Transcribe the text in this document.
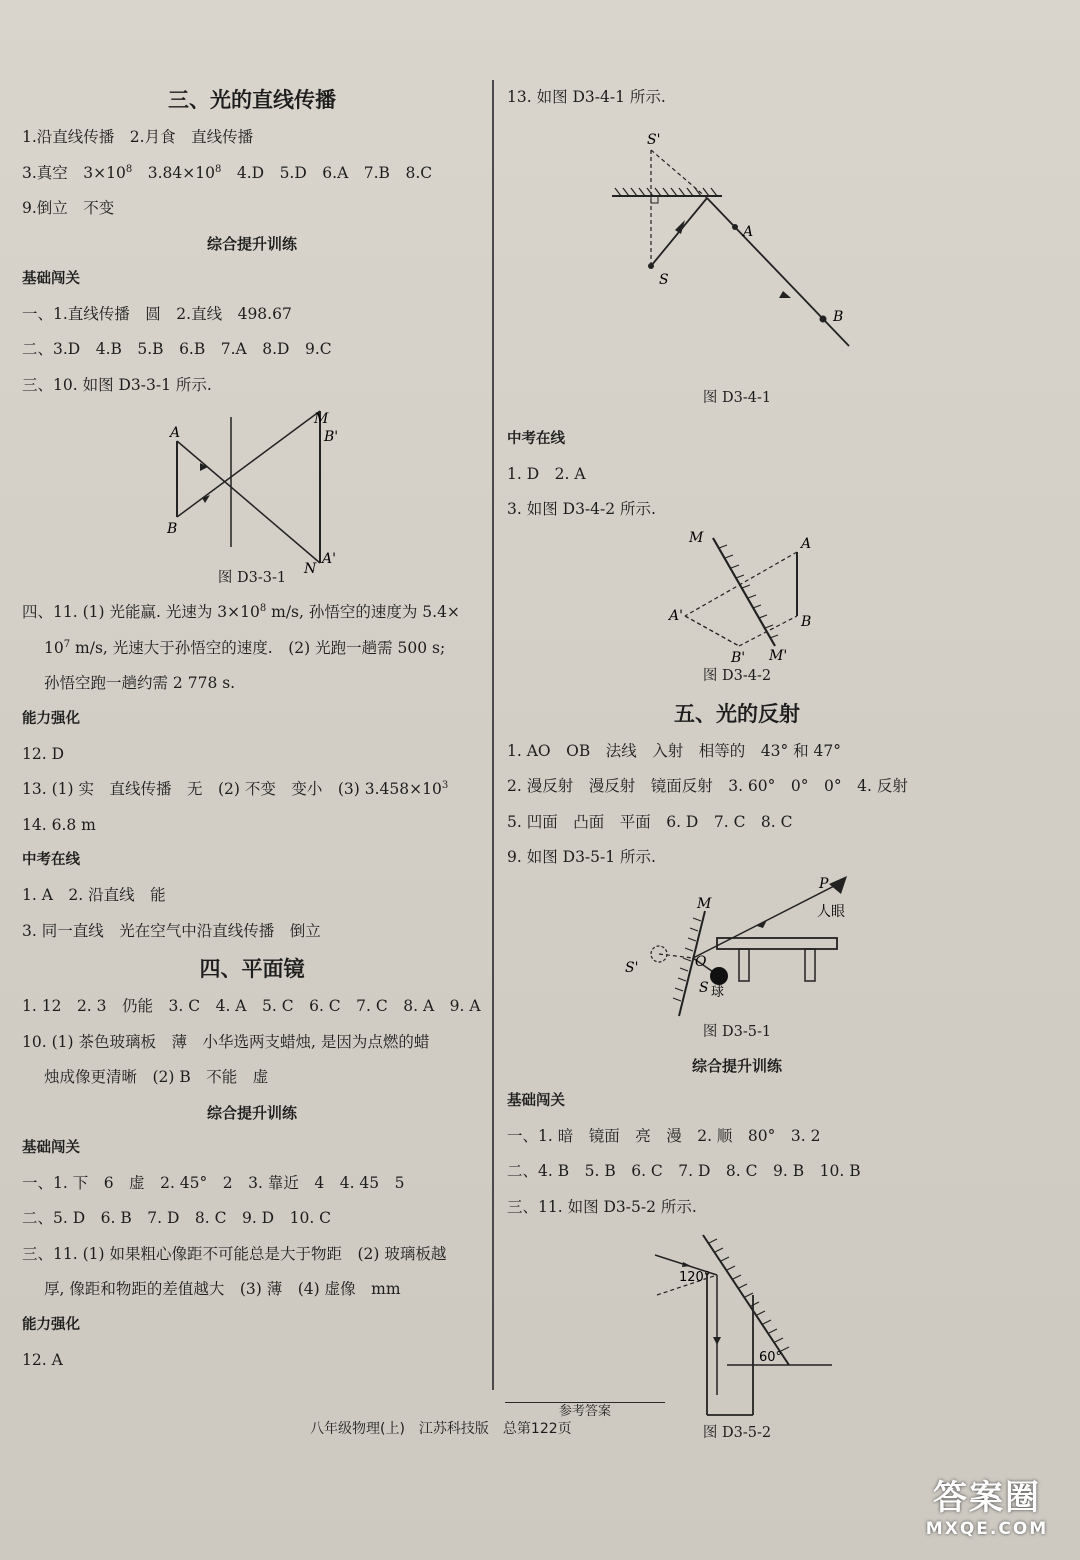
三、光的直线传播
1.沿直线传播　2.月食　直线传播
3.真空　$3\times 10^8$　$3.84\times 10^8$　4.D　5.D　6.A　7.B　8.C
9.倒立　不变
综合提升训练
基础闯关
一、1.直线传播　圆　2.直线　498.67
二、3.D　4.B　5.B　6.B　7.A　8.D　9.C
三、10. 如图 D3-3-1 所示.
M
B'
A
B
N
A'
图 D3-3-1
四、11. (1) 光能赢. 光速为 $3\times 10^8$ m/s, 孙悟空的速度为 5.4×
$10^7$ m/s, 光速大于孙悟空的速度.　(2) 光跑一趟需 500 s;
孙悟空跑一趟约需 2 778 s.
能力强化
12. D
13. (1) 实　直线传播　无　(2) 不变　变小　(3) $3.458\times 10^3$
14. 6.8 m
中考在线
1. A　2. 沿直线　能
3. 同一直线　光在空气中沿直线传播　倒立
四、平面镜
1. 12　2. 3　仍能　3. C　4. A　5. C　6. C　7. C　8. A　9. A
10. (1) 茶色玻璃板　薄　小华选两支蜡烛, 是因为点燃的蜡
烛成像更清晰　(2) B　不能　虚
综合提升训练
基础闯关
一、1. 下　6　虚　2. 45°　2　3. 靠近　4　4. 45　5
二、5. D　6. B　7. D　8. C　9. D　10. C
三、11. (1) 如果粗心像距不可能总是大于物距　(2) 玻璃板越
厚, 像距和物距的差值越大　(3) 薄　(4) 虚像　mm
能力强化
12. A
13. 如图 D3-4-1 所示.
S'
A
S
B
图 D3-4-1
中考在线
1. D　2. A
3. 如图 D3-4-2 所示.
M	A
A'	B
B' M'
图 D3-4-2
五、光的反射
1. AO　OB　法线　入射　相等的　43° 和 47°
2. 漫反射　漫反射　镜面反射　3. 60°　0°　0°　4. 反射
5. 凹面　凸面　平面　6. D　7. C　8. C
9. 如图 D3-5-1 所示.
M
P
人眼
O
S'
S 球
图 D3-5-1
综合提升训练
基础闯关
一、1. 暗　镜面　亮　漫　2. 顺　80°　3. 2
二、4. B　5. B　6. C　7. D　8. C　9. B　10. B
三、11. 如图 D3-5-2 所示.
120°
60°
图 D3-5-2
参考答案
八年级物理(上)　江苏科技版　总第122页
答案圈
MXQE.COM
